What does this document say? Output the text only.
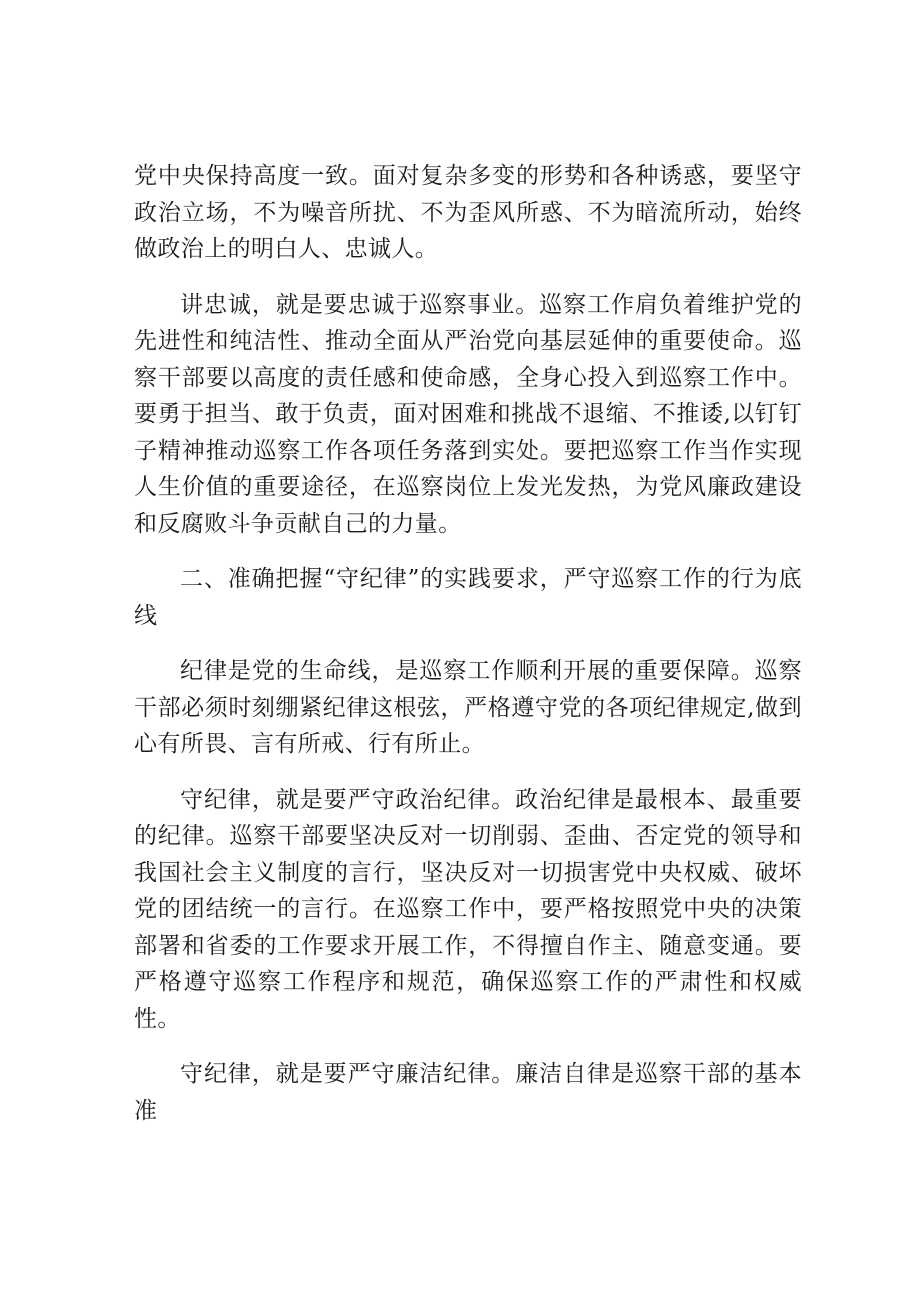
党中央保持高度一致。面对复杂多变的形势和各种诱惑，要坚守政治立场，不为噪音所扰、不为歪风所惑、不为暗流所动，始终做政治上的明白人、忠诚人。

讲忠诚，就是要忠诚于巡察事业。巡察工作肩负着维护党的先进性和纯洁性、推动全面从严治党向基层延伸的重要使命。巡察干部要以高度的责任感和使命感，全身心投入到巡察工作中。要勇于担当、敢于负责，面对困难和挑战不退缩、不推诿,以钉钉子精神推动巡察工作各项任务落到实处。要把巡察工作当作实现人生价值的重要途径，在巡察岗位上发光发热，为党风廉政建设和反腐败斗争贡献自己的力量。

二、准确把握“守纪律”的实践要求，严守巡察工作的行为底线

纪律是党的生命线，是巡察工作顺利开展的重要保障。巡察干部必须时刻绷紧纪律这根弦，严格遵守党的各项纪律规定,做到心有所畏、言有所戒、行有所止。

守纪律，就是要严守政治纪律。政治纪律是最根本、最重要的纪律。巡察干部要坚决反对一切削弱、歪曲、否定党的领导和我国社会主义制度的言行，坚决反对一切损害党中央权威、破坏党的团结统一的言行。在巡察工作中，要严格按照党中央的决策部署和省委的工作要求开展工作，不得擅自作主、随意变通。要严格遵守巡察工作程序和规范，确保巡察工作的严肃性和权威性。

守纪律，就是要严守廉洁纪律。廉洁自律是巡察干部的基本准
